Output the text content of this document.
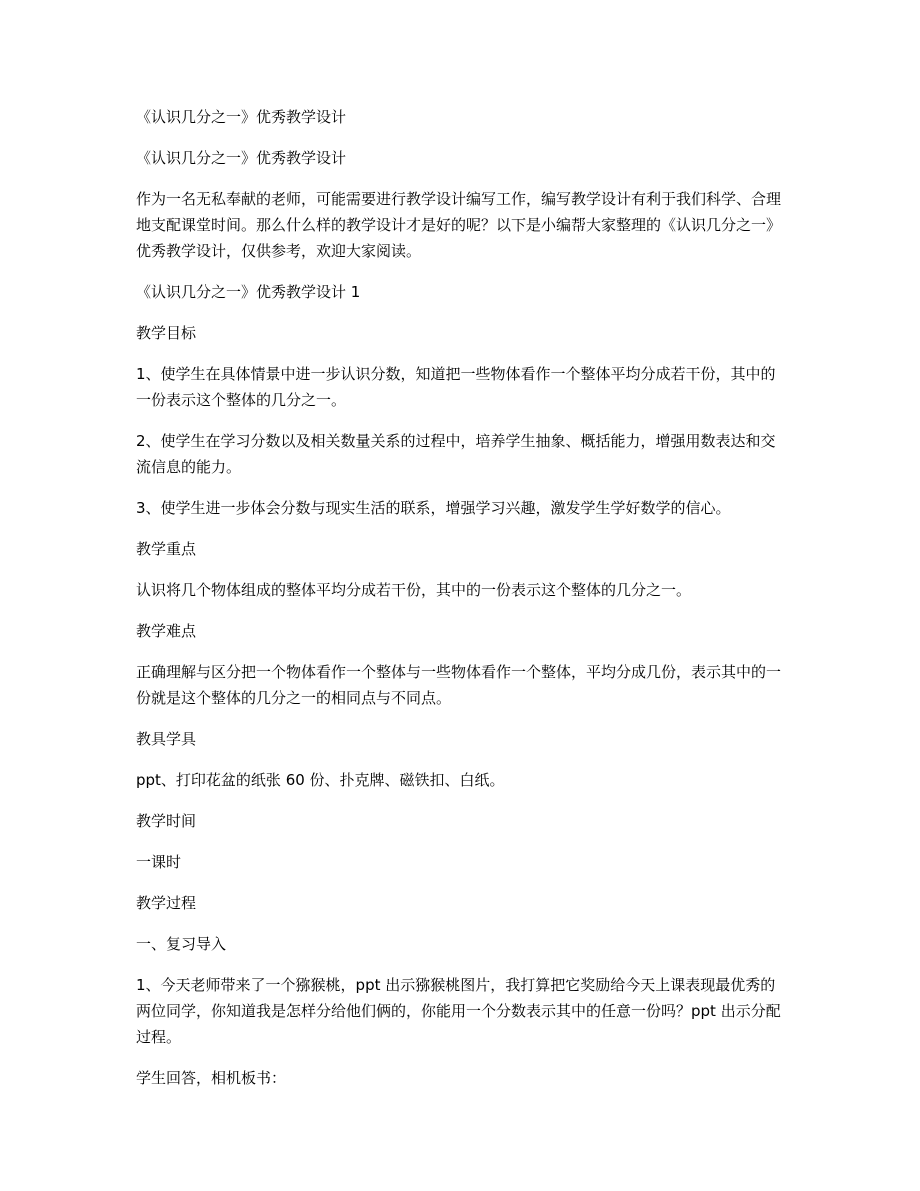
《认识几分之一》优秀教学设计

《认识几分之一》优秀教学设计

作为一名无私奉献的老师，可能需要进行教学设计编写工作，编写教学设计有利于我们科学、合理地支配课堂时间。那么什么样的教学设计才是好的呢？以下是小编帮大家整理的《认识几分之一》优秀教学设计，仅供参考，欢迎大家阅读。

《认识几分之一》优秀教学设计 1

教学目标

1、使学生在具体情景中进一步认识分数，知道把一些物体看作一个整体平均分成若干份，其中的一份表示这个整体的几分之一。

2、使学生在学习分数以及相关数量关系的过程中，培养学生抽象、概括能力，增强用数表达和交流信息的能力。

3、使学生进一步体会分数与现实生活的联系，增强学习兴趣，激发学生学好数学的信心。

教学重点

认识将几个物体组成的整体平均分成若干份，其中的一份表示这个整体的几分之一。

教学难点

正确理解与区分把一个物体看作一个整体与一些物体看作一个整体，平均分成几份，表示其中的一份就是这个整体的几分之一的相同点与不同点。

教具学具

ppt、打印花盆的纸张 60 份、扑克牌、磁铁扣、白纸。

教学时间

一课时

教学过程

一、复习导入

1、今天老师带来了一个猕猴桃，ppt 出示猕猴桃图片，我打算把它奖励给今天上课表现最优秀的两位同学，你知道我是怎样分给他们俩的，你能用一个分数表示其中的任意一份吗？ppt 出示分配过程。

学生回答，相机板书：
